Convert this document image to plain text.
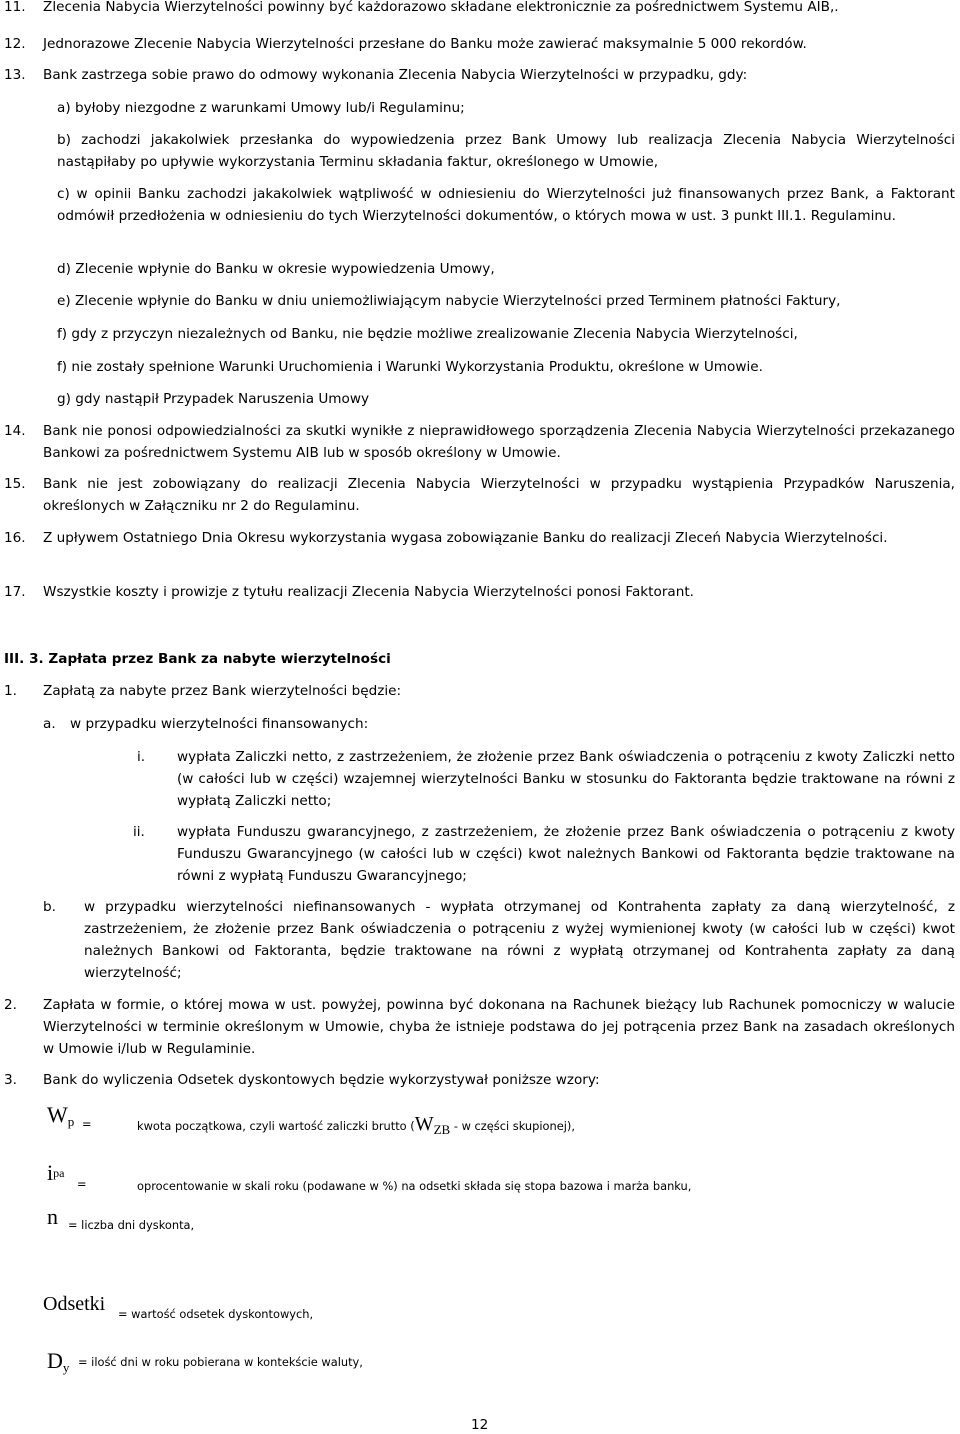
11. Zlecenia Nabycia Wierzytelności powinny być każdorazowo składane elektronicznie za pośrednictwem Systemu AIB,.
12. Jednorazowe Zlecenie Nabycia Wierzytelności przesłane do Banku może zawierać maksymalnie 5 000 rekordów.
13. Bank zastrzega sobie prawo do odmowy wykonania Zlecenia Nabycia Wierzytelności w przypadku, gdy:
a) byłoby niezgodne z warunkami Umowy lub/i Regulaminu;
b) zachodzi jakakolwiek przesłanka do wypowiedzenia przez Bank Umowy lub realizacja Zlecenia Nabycia Wierzytelności nastąpiłaby po upływie wykorzystania Terminu składania faktur, określonego w Umowie,
c) w opinii Banku zachodzi jakakolwiek wątpliwość w odniesieniu do Wierzytelności już finansowanych przez Bank, a Faktorant odmówił przedłożenia w odniesieniu do tych Wierzytelności dokumentów, o których mowa w ust. 3 punkt III.1. Regulaminu.
d) Zlecenie wpłynie do Banku w okresie wypowiedzenia Umowy,
e) Zlecenie wpłynie do Banku w dniu uniemożliwiającym nabycie Wierzytelności przed Terminem płatności Faktury,
f) gdy z przyczyn niezależnych od Banku, nie będzie możliwe zrealizowanie Zlecenia Nabycia Wierzytelności,
f) nie zostały spełnione Warunki Uruchomienia i Warunki Wykorzystania Produktu, określone w Umowie.
g) gdy nastąpił Przypadek Naruszenia Umowy
14. Bank nie ponosi odpowiedzialności za skutki wynikłe z nieprawidłowego sporządzenia Zlecenia Nabycia Wierzytelności przekazanego Bankowi za pośrednictwem Systemu AIB lub w sposób określony w Umowie.
15. Bank nie jest zobowiązany do realizacji Zlecenia Nabycia Wierzytelności w przypadku wystąpienia Przypadków Naruszenia, określonych w Załączniku nr 2 do Regulaminu.
16. Z upływem Ostatniego Dnia Okresu wykorzystania wygasa zobowiązanie Banku do realizacji Zleceń Nabycia Wierzytelności.
17. Wszystkie koszty i prowizje z tytułu realizacji Zlecenia Nabycia Wierzytelności ponosi Faktorant.
III. 3. Zapłata przez Bank za nabyte wierzytelności
1. Zapłatą za nabyte przez Bank wierzytelności będzie:
a. w przypadku wierzytelności finansowanych:
i. wypłata Zaliczki netto, z zastrzeżeniem, że złożenie przez Bank oświadczenia o potrąceniu z kwoty Zaliczki netto (w całości lub w części) wzajemnej wierzytelności Banku w stosunku do Faktoranta będzie traktowane na równi z wypłatą Zaliczki netto;
ii. wypłata Funduszu gwarancyjnego, z zastrzeżeniem, że złożenie przez Bank oświadczenia o potrąceniu z kwoty Funduszu Gwarancyjnego (w całości lub w części) kwot należnych Bankowi od Faktoranta będzie traktowane na równi z wypłatą Funduszu Gwarancyjnego;
b. w przypadku wierzytelności niefinansowanych - wypłata otrzymanej od Kontrahenta zapłaty za daną wierzytelność, z zastrzeżeniem, że złożenie przez Bank oświadczenia o potrąceniu z wyżej wymienionej kwoty (w całości lub w części) kwot należnych Bankowi od Faktoranta, będzie traktowane na równi z wypłatą otrzymanej od Kontrahenta zapłaty za daną wierzytelność;
2. Zapłata w formie, o której mowa w ust. powyżej, powinna być dokonana na Rachunek bieżący lub Rachunek pomocniczy w walucie Wierzytelności w terminie określonym w Umowie, chyba że istnieje podstawa do jej potrącenia przez Bank na zasadach określonych w Umowie i/lub w Regulaminie.
3. Bank do wyliczenia Odsetek dyskontowych będzie wykorzystywał poniższe wzory:
$W_p$ =	kwota początkowa, czyli wartość zaliczki brutto ($W_{ZB}$ - w części skupionej),
$i_{pa}$
=	oprocentowanie w skali roku (podawane w %) na odsetki składa się stopa bazowa i marża banku,
n = liczba dni dyskonta,
Odsetki = wartość odsetek dyskontowych,
$D_y$ = ilość dni w roku pobierana w kontekście waluty,
12
